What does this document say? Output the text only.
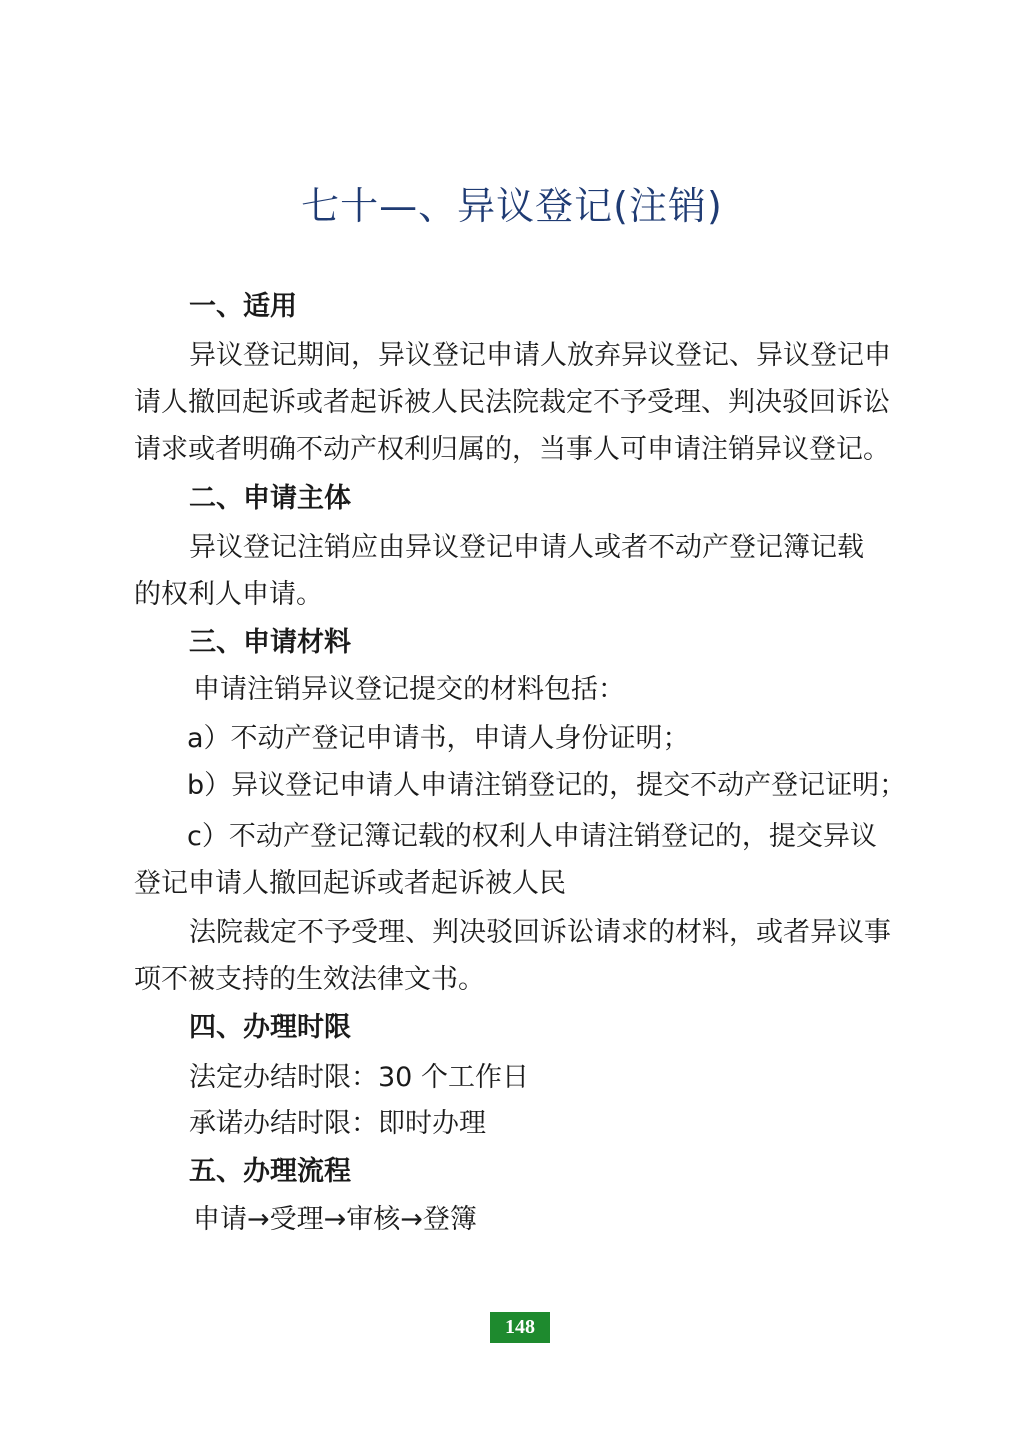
七十—、异议登记(注销)
一、适用
异议登记期间，异议登记申请人放弃异议登记、异议登记申
请人撤回起诉或者起诉被人民法院裁定不予受理、判决驳回诉讼
请求或者明确不动产权利归属的，当事人可申请注销异议登记。
二、申请主体
异议登记注销应由异议登记申请人或者不动产登记簿记载
的权利人申请。
三、申请材料
申请注销异议登记提交的材料包括：
a）不动产登记申请书，申请人身份证明；
b）异议登记申请人申请注销登记的，提交不动产登记证明；
c）不动产登记簿记载的权利人申请注销登记的，提交异议
登记申请人撤回起诉或者起诉被人民
法院裁定不予受理、判决驳回诉讼请求的材料，或者异议事
项不被支持的生效法律文书。
四、办理时限
法定办结时限：30 个工作日
承诺办结时限：即时办理
五、办理流程
申请→受理→审核→登簿
148
